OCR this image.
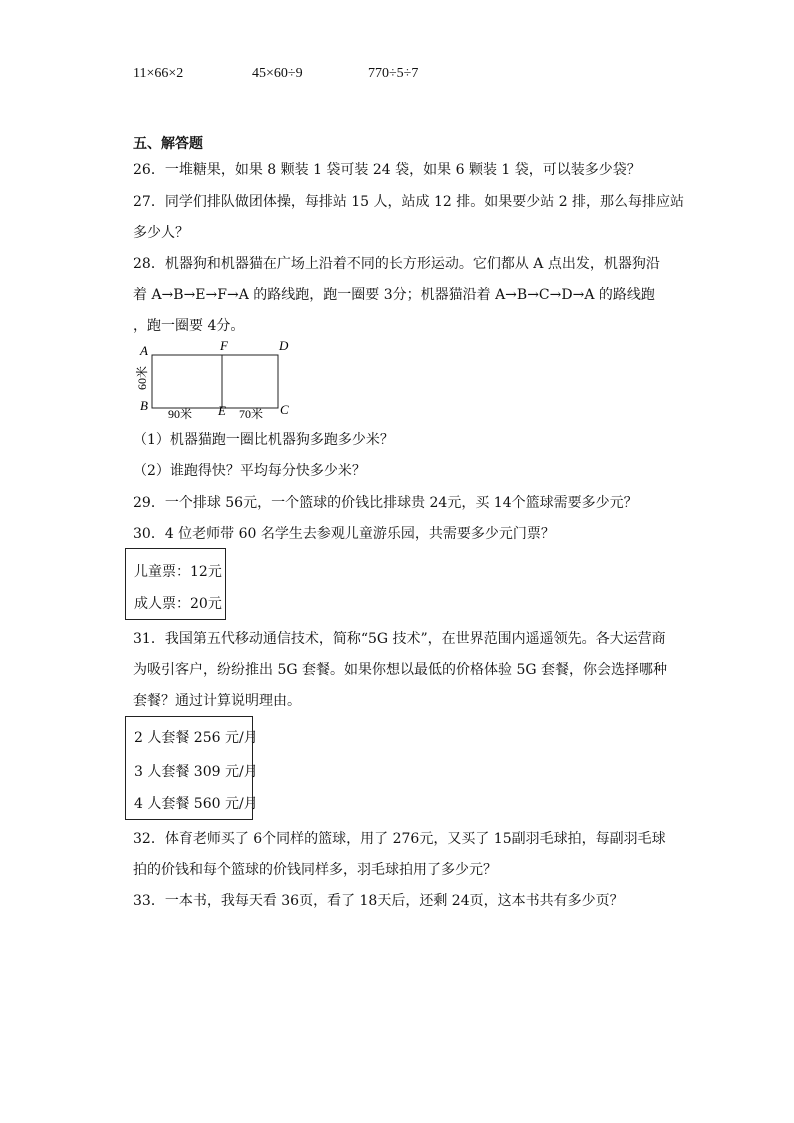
11×66×2	45×60÷9	770÷5÷7
五、解答题
26．一堆糖果，如果 8 颗装 1 袋可装 24 袋，如果 6 颗装 1 袋，可以装多少袋？
27．同学们排队做团体操，每排站 15 人，站成 12 排。如果要少站 2 排，那么每排应站
多少人？
28．机器狗和机器猫在广场上沿着不同的长方形运动。它们都从 A 点出发，机器狗沿
着 A→B→E→F→A 的路线跑，跑一圈要 3分；机器猫沿着 A→B→C→D→A 的路线跑
，跑一圈要 4分。
A	F	D
B	E	C
60米
90米	70米
（1）机器猫跑一圈比机器狗多跑多少米？
（2）谁跑得快？平均每分快多少米？
29．一个排球 56元，一个篮球的价钱比排球贵 24元，买 14个篮球需要多少元？
30．4 位老师带 60 名学生去参观儿童游乐园，共需要多少元门票？
儿童票：12元
成人票：20元
31．我国第五代移动通信技术，简称“5G 技术”，在世界范围内遥遥领先。各大运营商
为吸引客户，纷纷推出 5G 套餐。如果你想以最低的价格体验 5G 套餐，你会选择哪种
套餐？通过计算说明理由。
2 人套餐 256 元/月
3 人套餐 309 元/月
4 人套餐 560 元/月
32．体育老师买了 6个同样的篮球，用了 276元，又买了 15副羽毛球拍，每副羽毛球
拍的价钱和每个篮球的价钱同样多，羽毛球拍用了多少元？
33．一本书，我每天看 36页，看了 18天后，还剩 24页，这本书共有多少页？
